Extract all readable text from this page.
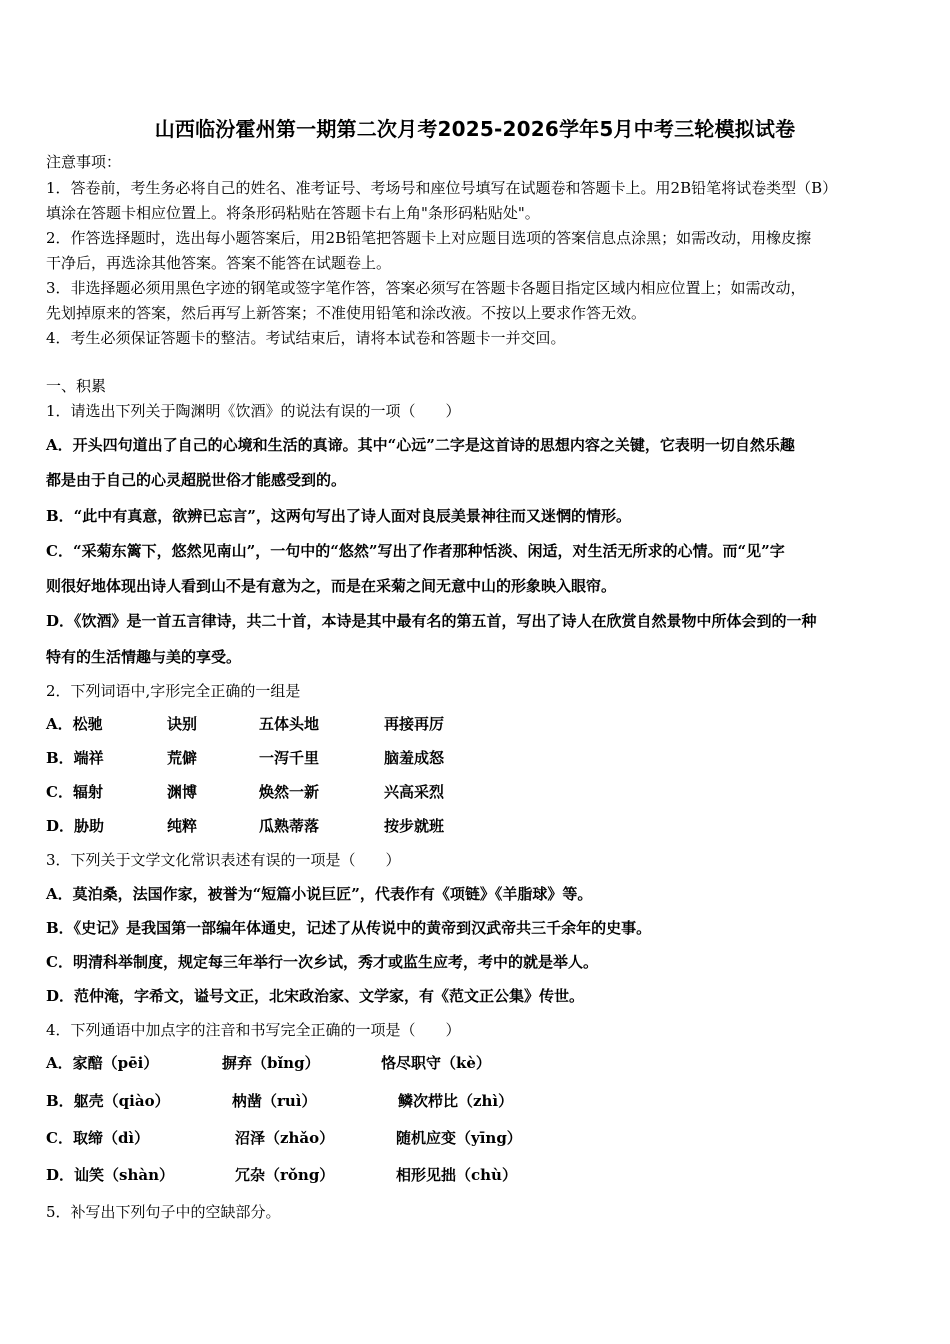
山西临汾霍州第一期第二次月考2025-2026学年5月中考三轮模拟试卷
注意事项：
1．答卷前，考生务必将自己的姓名、准考证号、考场号和座位号填写在试题卷和答题卡上。用2B铅笔将试卷类型（B）
填涂在答题卡相应位置上。将条形码粘贴在答题卡右上角"条形码粘贴处"。
2．作答选择题时，选出每小题答案后，用2B铅笔把答题卡上对应题目选项的答案信息点涂黑；如需改动，用橡皮擦
干净后，再选涂其他答案。答案不能答在试题卷上。
3．非选择题必须用黑色字迹的钢笔或签字笔作答，答案必须写在答题卡各题目指定区域内相应位置上；如需改动，
先划掉原来的答案，然后再写上新答案；不准使用铅笔和涂改液。不按以上要求作答无效。
4．考生必须保证答题卡的整洁。考试结束后，请将本试卷和答题卡一并交回。
一、积累
1．请选出下列关于陶渊明《饮酒》的说法有误的一项（　　）
A．开头四句道出了自己的心境和生活的真谛。其中“心远”二字是这首诗的思想内容之关键，它表明一切自然乐趣
都是由于自己的心灵超脱世俗才能感受到的。
B．“此中有真意，欲辨已忘言”，这两句写出了诗人面对良辰美景神往而又迷惘的情形。
C．“采菊东篱下，悠然见南山”，一句中的“悠然”写出了作者那种恬淡、闲适，对生活无所求的心情。而“见”字
则很好地体现出诗人看到山不是有意为之，而是在采菊之间无意中山的形象映入眼帘。
D．《饮酒》是一首五言律诗，共二十首，本诗是其中最有名的第五首，写出了诗人在欣赏自然景物中所体会到的一种
特有的生活情趣与美的享受。
2．下列词语中,字形完全正确的一组是
A．松驰	诀别	五体头地	再接再厉
B．端祥	荒僻	一泻千里	脑羞成怒
C．辐射	渊博	焕然一新	兴高采烈
D．胁助	纯粹	瓜熟蒂落	按步就班
3．下列关于文学文化常识表述有误的一项是（　　）
A．莫泊桑，法国作家，被誉为“短篇小说巨匠”，代表作有《项链》《羊脂球》等。
B．《史记》是我国第一部编年体通史，记述了从传说中的黄帝到汉武帝共三千余年的史事。
C．明清科举制度，规定每三年举行一次乡试，秀才或监生应考，考中的就是举人。
D．范仲淹，字希文，谥号文正，北宋政治家、文学家，有《范文正公集》传世。
4．下列通语中加点字的注音和书写完全正确的一项是（　　）
A．家醅（pēi）	摒弃（bǐng）	恪尽职守（kè）
B．躯壳（qiào）	枘凿（ruì）	鳞次栉比（zhì）
C．取缔（dì）	沼泽（zhǎo）	随机应变（yīng）
D．讪笑（shàn）	冗杂（rǒng）	相形见拙（chù）
5．补写出下列句子中的空缺部分。
